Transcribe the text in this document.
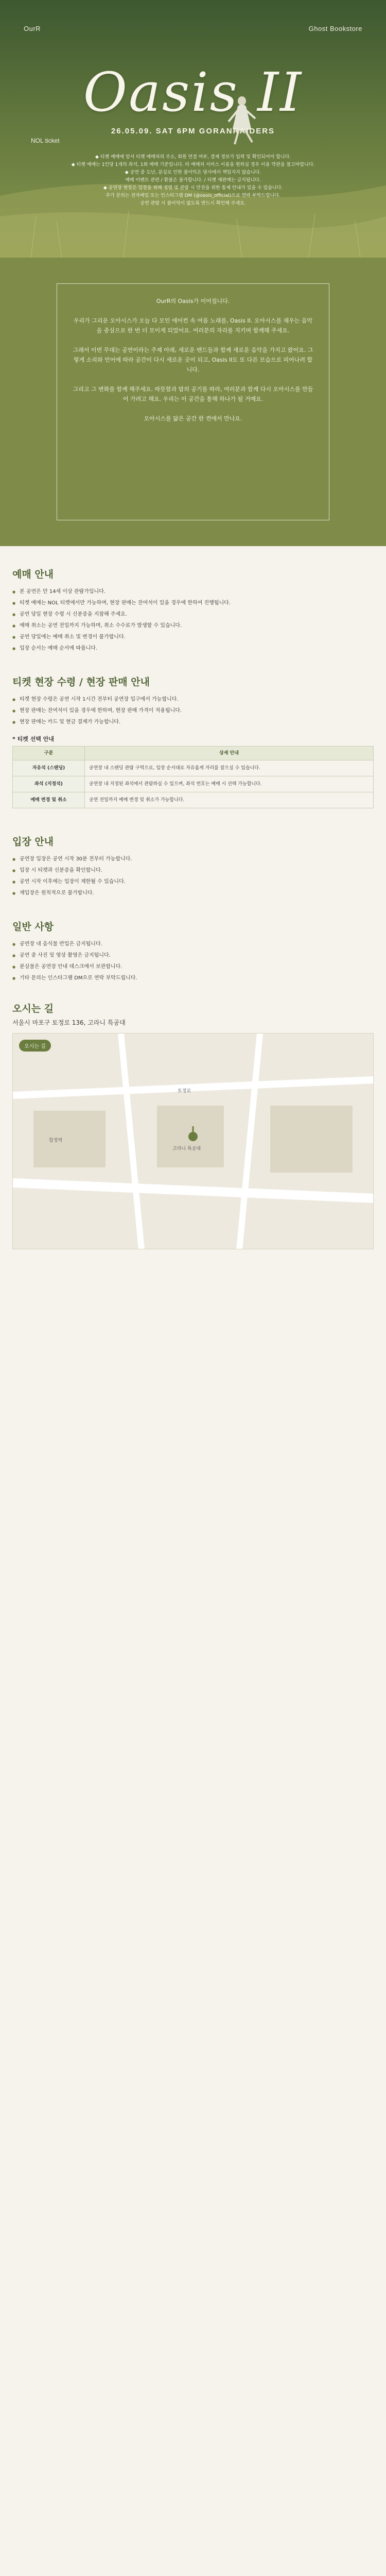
OurR	Ghost Bookstore
Oasis II
26.05.09. SAT 6PM GORANRAIDERS
NOL ticket

◆ 티켓 예매에 앞서 티켓 예매처의 주소, 회원 연결 여부, 결제 정보가 입력 및 확인되어야 합니다.

◆ 티켓 예매는 1인당 1개의 좌석, 1회 예매 기준입니다. 타 예매처 서비스 이용을 원하실 경우 이용 약관을 참고바랍니다.

◆ 공연 중 도난, 분실로 인한 불이익은 당사에서 책임지지 않습니다.

예매 이벤트 관련 / 환불은 불가합니다. / 티켓 재판매는 금지됩니다.

◆ 공연장 현장은 입장을 위해 정렬 및 관람 시 안전을 위한 통제 안내가 있을 수 있습니다.

추가 문의는 전자메일 또는 인스타그램 DM (@oasis_official)으로 연락 부탁드립니다.

공연 관람 시 불이익이 없도록 반드시 확인해 주세요.

OurR의 Oasis가 이어집니다.

우리가 그리운 오아시스가 오늘 다 모인 에어컨 속 여름 노래를, Oasis II. 오아시스를 채우는 음악을 중심으로 한 번 더 모이게 되었어요. 여러분의 자리를 지키며 함께해 주세요.

그래서 이번 무대는 공연이라는 주제 아래, 새로운 밴드들과 함께 새로운 음악을 가지고 왔어요. 그렇게 소리와 언어에 따라 공간이 다시 새로운 곳이 되고, Oasis II도 또 다른 모습으로 피어나려 합니다.

그리고 그 변화를 함께 해주세요. 따뜻함과 밤의 공기를 따라, 여러분과 함께 다시 오아시스를 만들어 가려고 해요. 우리는 이 공간을 통해 하나가 될 거예요.

오아시스를 닮은 공간 한 켠에서 만나요.

예매 안내
● 본 공연은 만 14세 이상 관람가입니다.
● 티켓 예매는 NOL 티켓에서만 가능하며, 현장 판매는 잔여석이 있을 경우에 한하여 진행됩니다.
● 공연 당일 현장 수령 시 신분증을 지참해 주세요.
● 예매 취소는 공연 전일까지 가능하며, 취소 수수료가 발생할 수 있습니다.
● 공연 당일에는 예매 취소 및 변경이 불가합니다.
● 입장 순서는 예매 순서에 따릅니다.
티켓 현장 수령 / 현장 판매 안내
● 티켓 현장 수령은 공연 시작 1시간 전부터 공연장 입구에서 가능합니다.
● 현장 판매는 잔여석이 있을 경우에 한하며, 현장 판매 가격이 적용됩니다.
● 현장 판매는 카드 및 현금 결제가 가능합니다.
* 티켓 선택 안내
구분	상세 안내
자유석 (스탠딩)	공연장 내 스탠딩 관람 구역으로, 입장 순서대로 자유롭게 자리를 잡으실 수 있습니다.
좌석 (지정석)	공연장 내 지정된 좌석에서 관람하실 수 있으며, 좌석 번호는 예매 시 선택 가능합니다.
예매 변경 및 취소	공연 전일까지 예매 변경 및 취소가 가능합니다.
입장 안내
● 공연장 입장은 공연 시작 30분 전부터 가능합니다.
● 입장 시 티켓과 신분증을 확인합니다.
● 공연 시작 이후에는 입장이 제한될 수 있습니다.
● 재입장은 원칙적으로 불가합니다.
일반 사항
● 공연장 내 음식물 반입은 금지됩니다.
● 공연 중 사진 및 영상 촬영은 금지됩니다.
● 분실물은 공연장 안내 데스크에서 보관합니다.
● 기타 문의는 인스타그램 DM으로 연락 부탁드립니다.
오시는 길
서울시 마포구 토정로 136, 고라니 특공대
오시는 길
합정역
토정로
고라니 특공대
